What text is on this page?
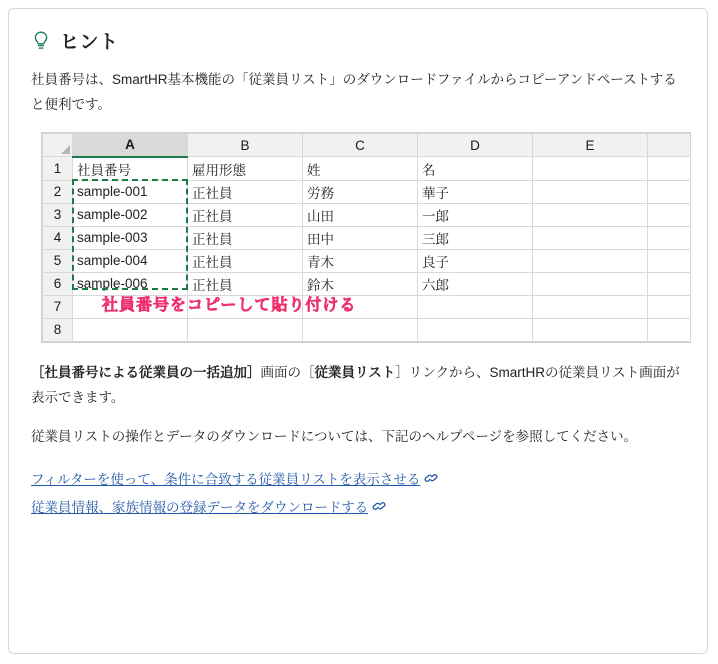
ヒント

社員番号は、SmartHR基本機能の「従業員リスト」のダウンロードファイルからコピーアンドペーストすると便利です。

	A	B	C	D	E	
1	社員番号	雇用形態	姓	名		
2	sample-001	正社員	労務	華子		
3	sample-002	正社員	山田	一郎		
4	sample-003	正社員	田中	三郎		
5	sample-004	正社員	青木	良子		
6	sample-006	正社員	鈴木	六郎		
7						
8						
社員番号をコピーして貼り付ける

［社員番号による従業員の一括追加］画面の［従業員リスト］リンクから、SmartHRの従業員リスト画面が表示できます。

従業員リストの操作とデータのダウンロードについては、下記のヘルプページを参照してください。

フィルターを使って、条件に合致する従業員リストを表示させる
従業員情報、家族情報の登録データをダウンロードする
